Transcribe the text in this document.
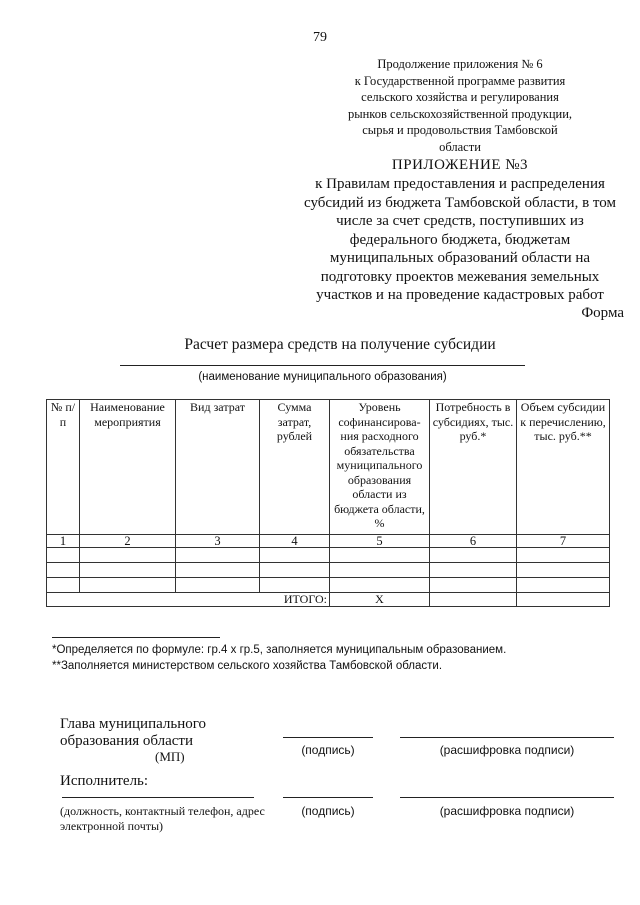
79
Продолжение приложения № 6
к Государственной программе развития
сельского хозяйства и регулирования
рынков сельскохозяйственной продукции,
сырья и продовольствия Тамбовской
области
ПРИЛОЖЕНИЕ №3
к Правилам предоставления и распределения
субсидий из бюджета Тамбовской области, в том
числе за счет средств, поступивших из
федерального бюджета, бюджетам
муниципальных образований области на
подготовку проектов межевания земельных
участков и на проведение кадастровых работ
Форма
Расчет размера средств на получение субсидии
(наименование муниципального образования)
№ п/п	Наименование мероприятия	Вид затрат	Сумма затрат, рублей	Уровень софинансирова-ния расходного обязательства муниципального образования области из бюджета области, %	Потребность в субсидиях, тыс. руб.*	Объем субсидии к перечислению, тыс. руб.**
1	2	3	4	5	6	7

ИТОГО:				Х		
*Определяется по формуле: гр.4 х гр.5, заполняется муниципальным образованием.
**Заполняется министерством сельского хозяйства Тамбовской области.
Глава муниципального образования области
(МП)	(подпись)	(расшифровка подписи)
Исполнитель:
(должность, контактный телефон, адрес электронной почты)
(подпись)	(расшифровка подписи)
